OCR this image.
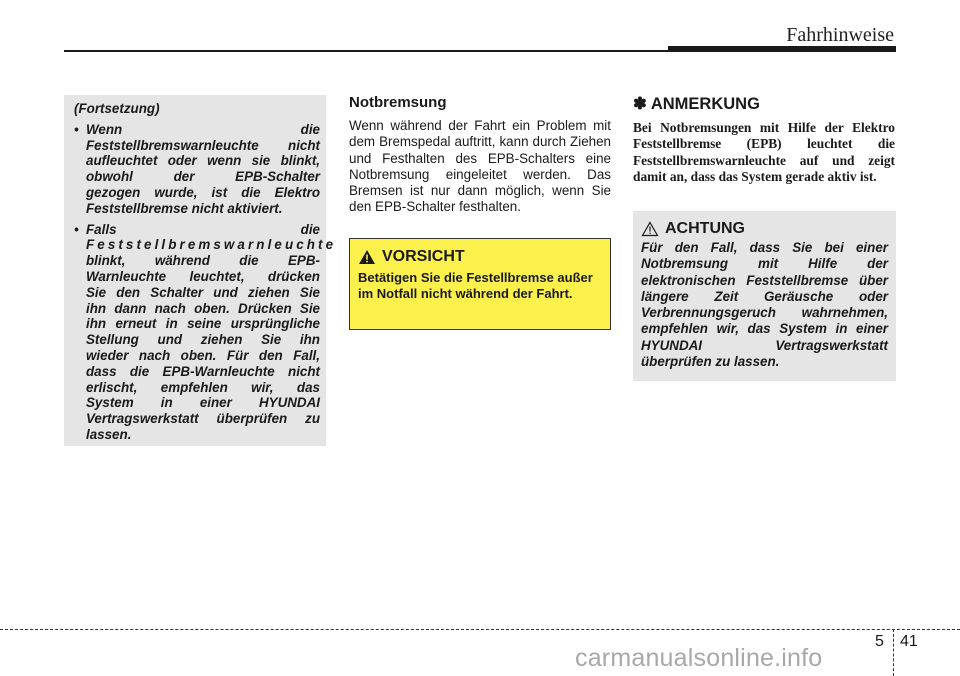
Fahrhinweise
(Fortsetzung)
• Wenn die
Feststellbremswarnleuchte nicht
aufleuchtet oder wenn sie blinkt,
obwohl der EPB-Schalter
gezogen wurde, ist die Elektro
Feststellbremse nicht aktiviert.
• Falls die
Feststellbremswarnleuchte
blinkt, während die EPB-
Warnleuchte leuchtet, drücken
Sie den Schalter und ziehen Sie
ihn dann nach oben. Drücken Sie
ihn erneut in seine ursprüngliche
Stellung und ziehen Sie ihn
wieder nach oben. Für den Fall,
dass die EPB-Warnleuchte nicht
erlischt, empfehlen wir, das
System in einer HYUNDAI
Vertragswerkstatt überprüfen zu
lassen.
Notbremsung
Wenn während der Fahrt ein Problem mit dem Bremspedal auftritt, kann durch Ziehen und Festhalten des EPB-Schalters eine Notbremsung eingeleitet werden. Das Bremsen ist nur dann möglich, wenn Sie den EPB-Schalter festhalten.
VORSICHT
Betätigen Sie die Festellbremse außer im Notfall nicht während der Fahrt.
✽ ANMERKUNG
Bei Notbremsungen mit Hilfe der Elektro Feststellbremse (EPB) leuchtet die Feststellbremswarnleuchte auf und zeigt damit an, dass das System gerade aktiv ist.
ACHTUNG
Für den Fall, dass Sie bei einer Notbremsung mit Hilfe der elektronischen Feststellbremse über längere Zeit Geräusche oder Verbrennungsgeruch wahrnehmen, empfehlen wir, das System in einer HYUNDAI Vertragswerkstatt überprüfen zu lassen.
5 41
carmanualsonline.info
